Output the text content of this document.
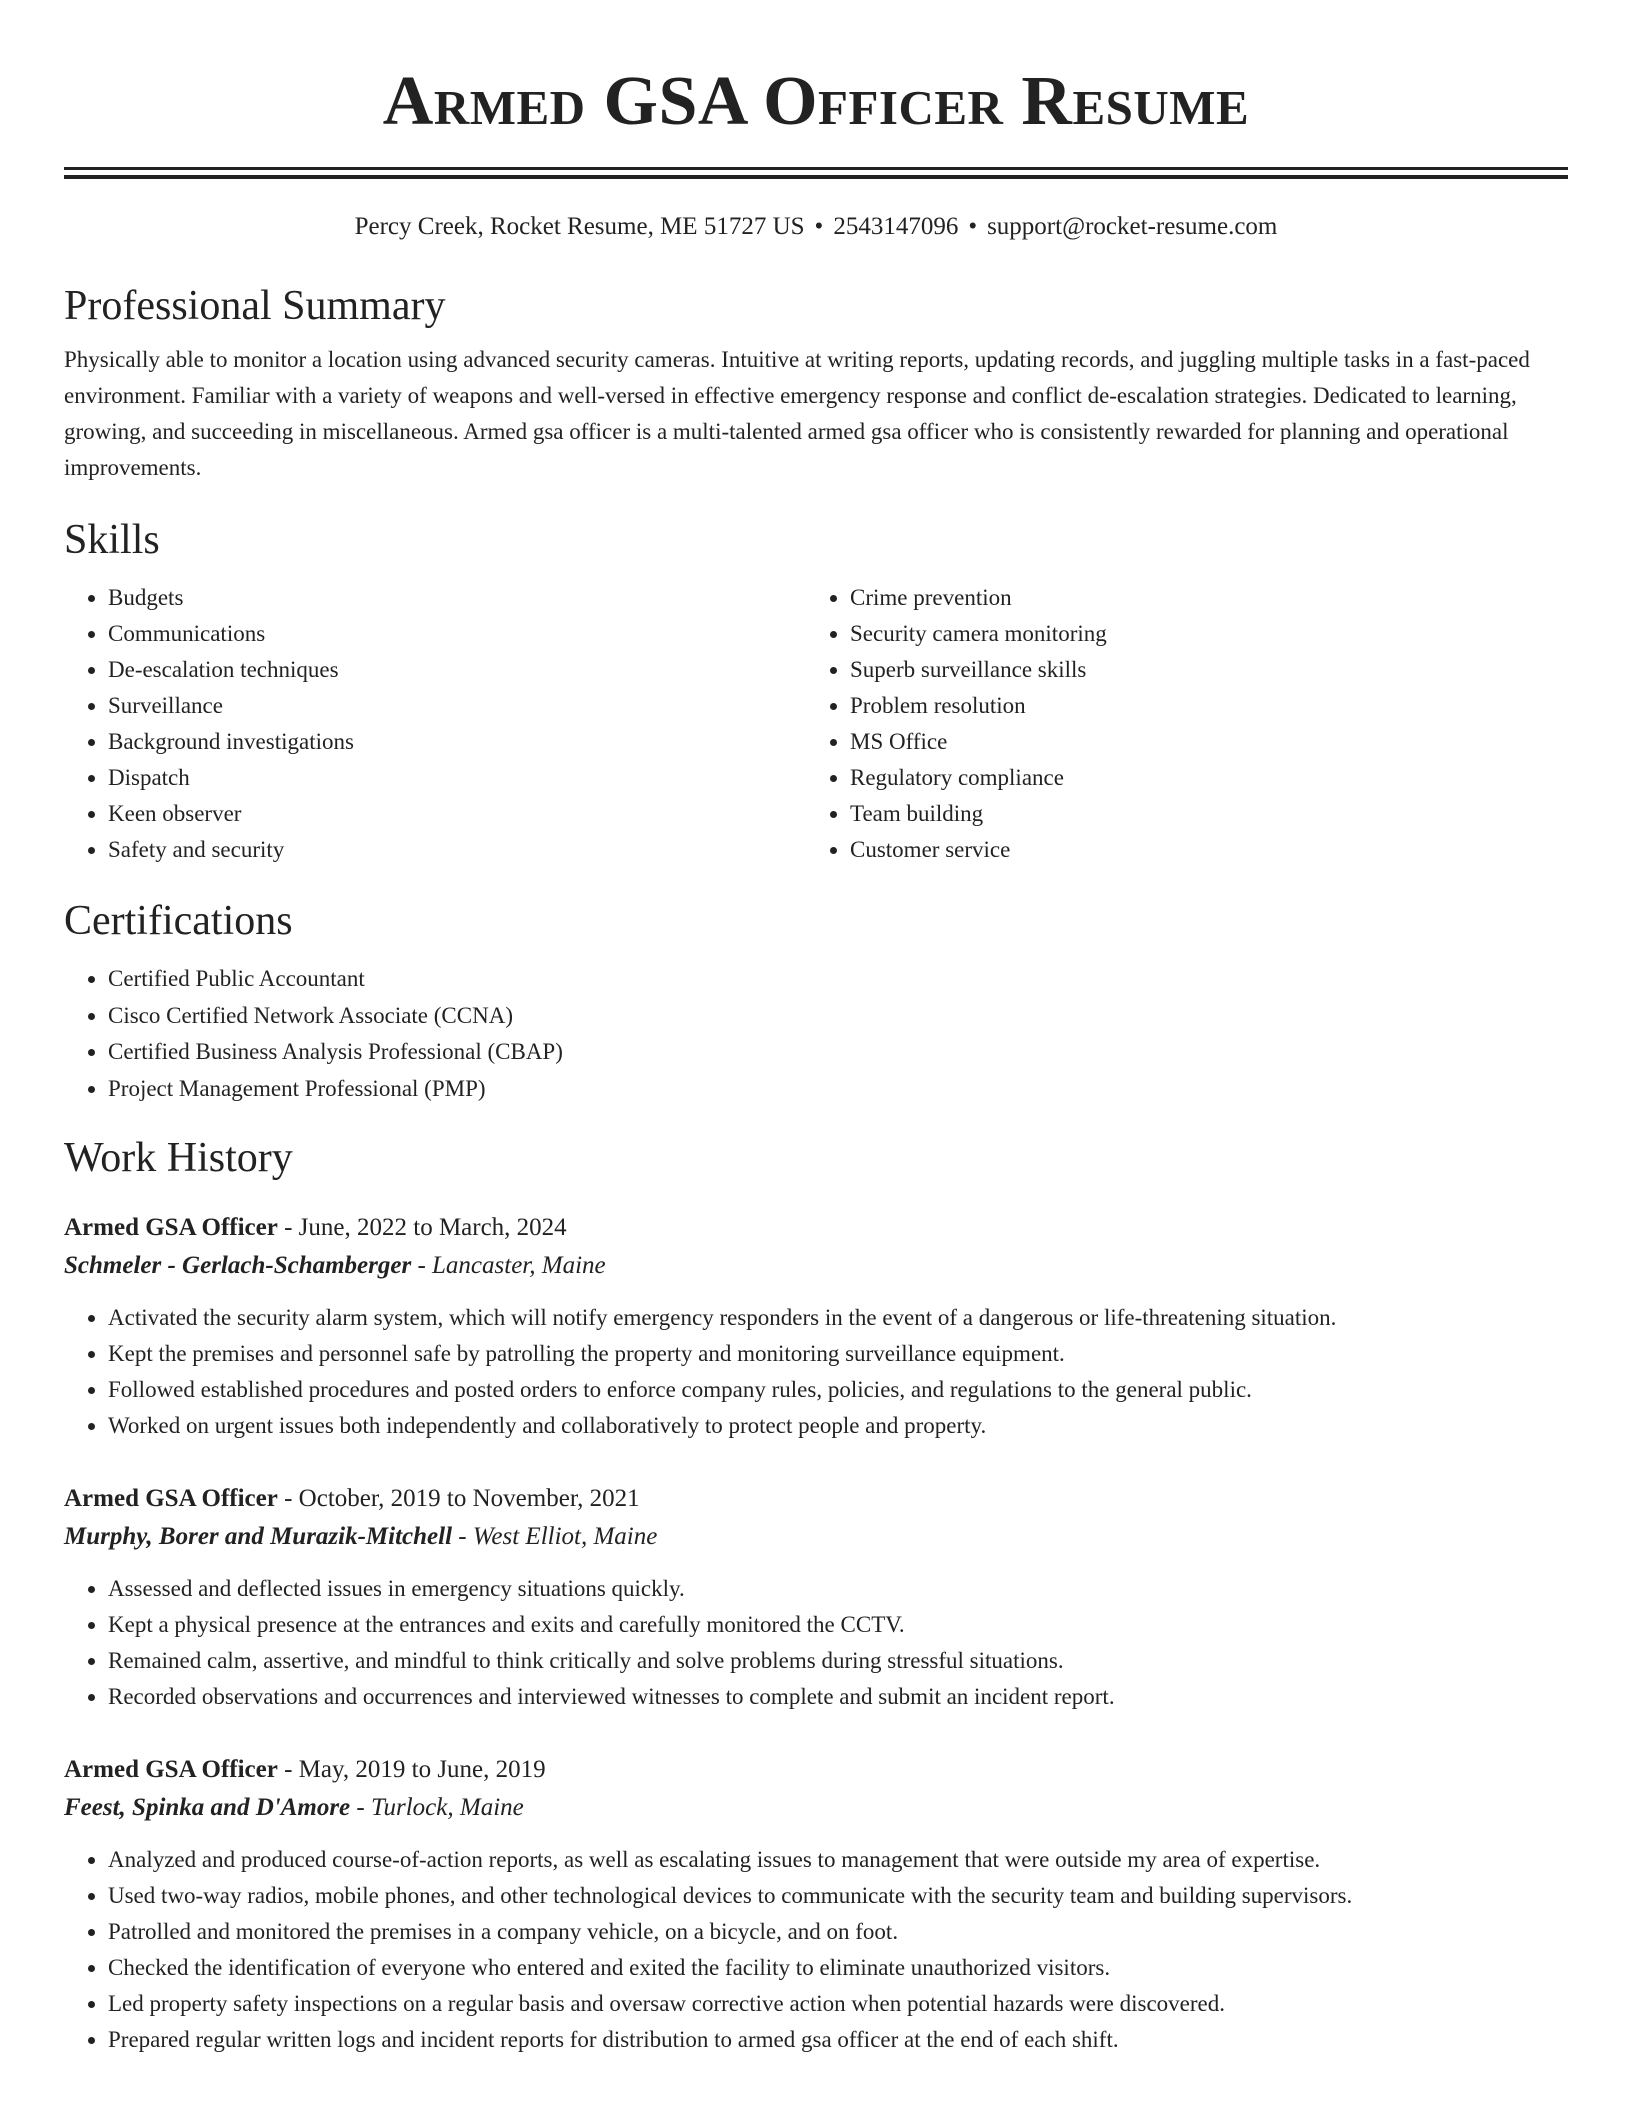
Armed GSA Officer Resume
Percy Creek, Rocket Resume, ME 51727 US • 2543147096 • support@rocket-resume.com
Professional Summary
Physically able to monitor a location using advanced security cameras. Intuitive at writing reports, updating records, and juggling multiple tasks in a fast-paced environment. Familiar with a variety of weapons and well-versed in effective emergency response and conflict de-escalation strategies. Dedicated to learning, growing, and succeeding in miscellaneous. Armed gsa officer is a multi-talented armed gsa officer who is consistently rewarded for planning and operational improvements.
Skills
• Budgets
• Communications
• De-escalation techniques
• Surveillance
• Background investigations
• Dispatch
• Keen observer
• Safety and security
• Crime prevention
• Security camera monitoring
• Superb surveillance skills
• Problem resolution
• MS Office
• Regulatory compliance
• Team building
• Customer service
Certifications
• Certified Public Accountant
• Cisco Certified Network Associate (CCNA)
• Certified Business Analysis Professional (CBAP)
• Project Management Professional (PMP)
Work History
Armed GSA Officer - June, 2022 to March, 2024
Schmeler - Gerlach-Schamberger - Lancaster, Maine
• Activated the security alarm system, which will notify emergency responders in the event of a dangerous or life-threatening situation.
• Kept the premises and personnel safe by patrolling the property and monitoring surveillance equipment.
• Followed established procedures and posted orders to enforce company rules, policies, and regulations to the general public.
• Worked on urgent issues both independently and collaboratively to protect people and property.
Armed GSA Officer - October, 2019 to November, 2021
Murphy, Borer and Murazik-Mitchell - West Elliot, Maine
• Assessed and deflected issues in emergency situations quickly.
• Kept a physical presence at the entrances and exits and carefully monitored the CCTV.
• Remained calm, assertive, and mindful to think critically and solve problems during stressful situations.
• Recorded observations and occurrences and interviewed witnesses to complete and submit an incident report.
Armed GSA Officer - May, 2019 to June, 2019
Feest, Spinka and D'Amore - Turlock, Maine
• Analyzed and produced course-of-action reports, as well as escalating issues to management that were outside my area of expertise.
• Used two-way radios, mobile phones, and other technological devices to communicate with the security team and building supervisors.
• Patrolled and monitored the premises in a company vehicle, on a bicycle, and on foot.
• Checked the identification of everyone who entered and exited the facility to eliminate unauthorized visitors.
• Led property safety inspections on a regular basis and oversaw corrective action when potential hazards were discovered.
• Prepared regular written logs and incident reports for distribution to armed gsa officer at the end of each shift.
